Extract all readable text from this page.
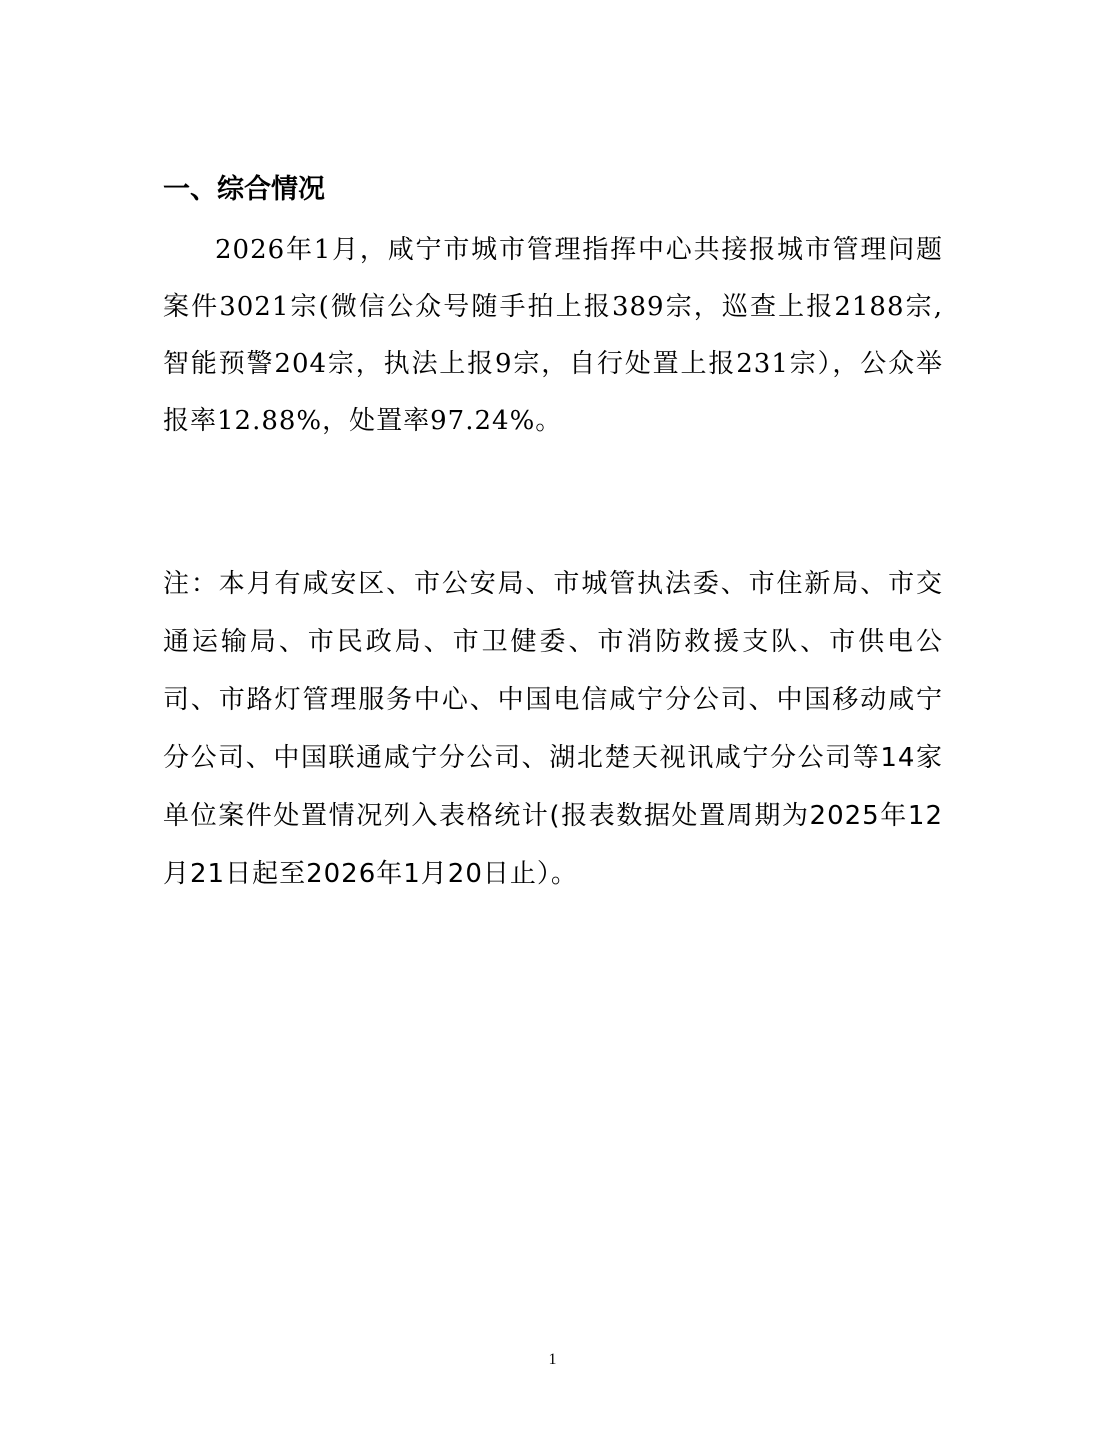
一、综合情况

2026年1月，咸宁市城市管理指挥中心共接报城市管理问题案件3021宗(微信公众号随手拍上报389宗，巡查上报2188宗,智能预警204宗，执法上报9宗，自行处置上报231宗），公众举报率12.88%，处置率97.24%。

注：本月有咸安区、市公安局、市城管执法委、市住新局、市交通运输局、市民政局、市卫健委、市消防救援支队、市供电公司、市路灯管理服务中心、中国电信咸宁分公司、中国移动咸宁分公司、中国联通咸宁分公司、湖北楚天视讯咸宁分公司等14家单位案件处置情况列入表格统计(报表数据处置周期为2025年12月21日起至2026年1月20日止）。

1
